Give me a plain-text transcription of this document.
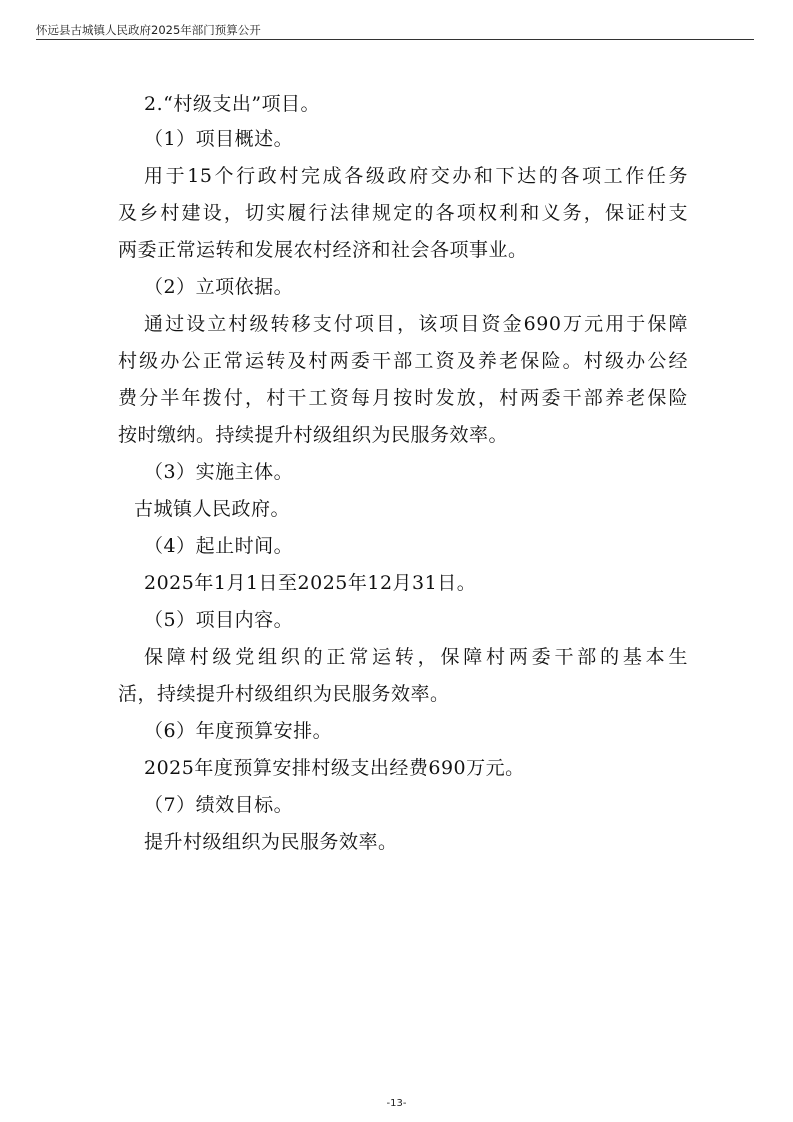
怀远县古城镇人民政府2025年部门预算公开
2.“村级支出”项目。
（1）项目概述。
用于15个行政村完成各级政府交办和下达的各项工作任务
及乡村建设，切实履行法律规定的各项权利和义务，保证村支
两委正常运转和发展农村经济和社会各项事业。
（2）立项依据。
通过设立村级转移支付项目，该项目资金690万元用于保障
村级办公正常运转及村两委干部工资及养老保险。村级办公经
费分半年拨付，村干工资每月按时发放，村两委干部养老保险
按时缴纳。持续提升村级组织为民服务效率。
（3）实施主体。
古城镇人民政府。
（4）起止时间。
2025年1月1日至2025年12月31日。
（5）项目内容。
保障村级党组织的正常运转，保障村两委干部的基本生
活，持续提升村级组织为民服务效率。
（6）年度预算安排。
2025年度预算安排村级支出经费690万元。
（7）绩效目标。
提升村级组织为民服务效率。
-13-
